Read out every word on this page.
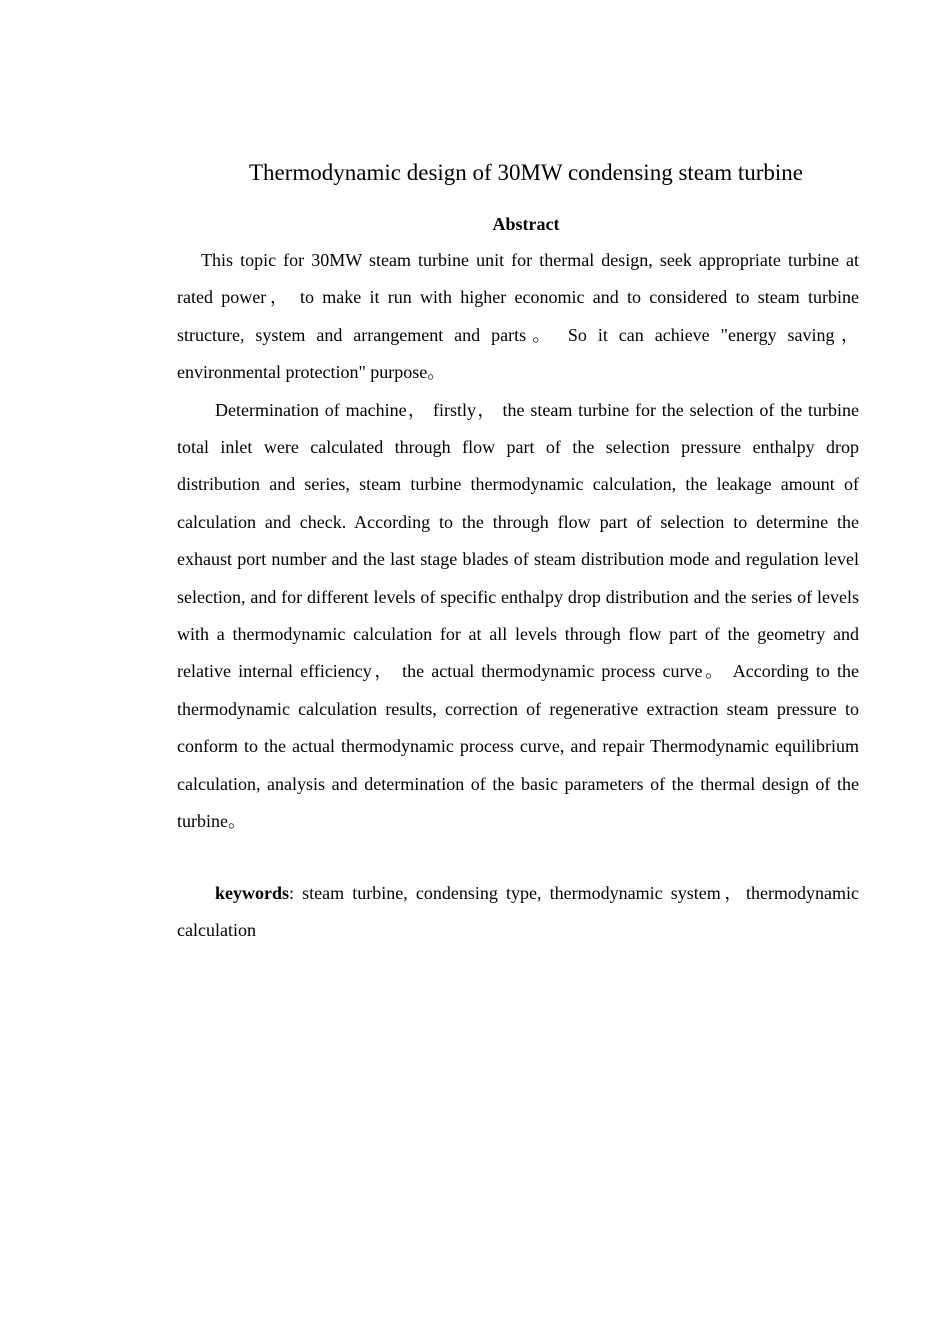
Thermodynamic design of 30MW condensing steam turbine
Abstract

This topic for 30MW steam turbine unit for thermal design, seek appropriate turbine at rated power， to make it run with higher economic and to considered to steam turbine structure, system and arrangement and parts。 So it can achieve "energy saving，environmental protection" purpose。

Determination of machine， firstly， the steam turbine for the selection of the turbine total inlet were calculated through flow part of the selection pressure enthalpy drop distribution and series, steam turbine thermodynamic calculation, the leakage amount of calculation and check. According to the through flow part of selection to determine the exhaust port number and the last stage blades of steam distribution mode and regulation level selection, and for different levels of specific enthalpy drop distribution and the series of levels with a thermodynamic calculation for at all levels through flow part of the geometry and relative internal efficiency， the actual thermodynamic process curve。 According to the thermodynamic calculation results, correction of regenerative extraction steam pressure to conform to the actual thermodynamic process curve, and repair Thermodynamic equilibrium calculation, analysis and determination of the basic parameters of the thermal design of the turbine。

keywords: steam turbine, condensing type, thermodynamic system，thermodynamic calculation
